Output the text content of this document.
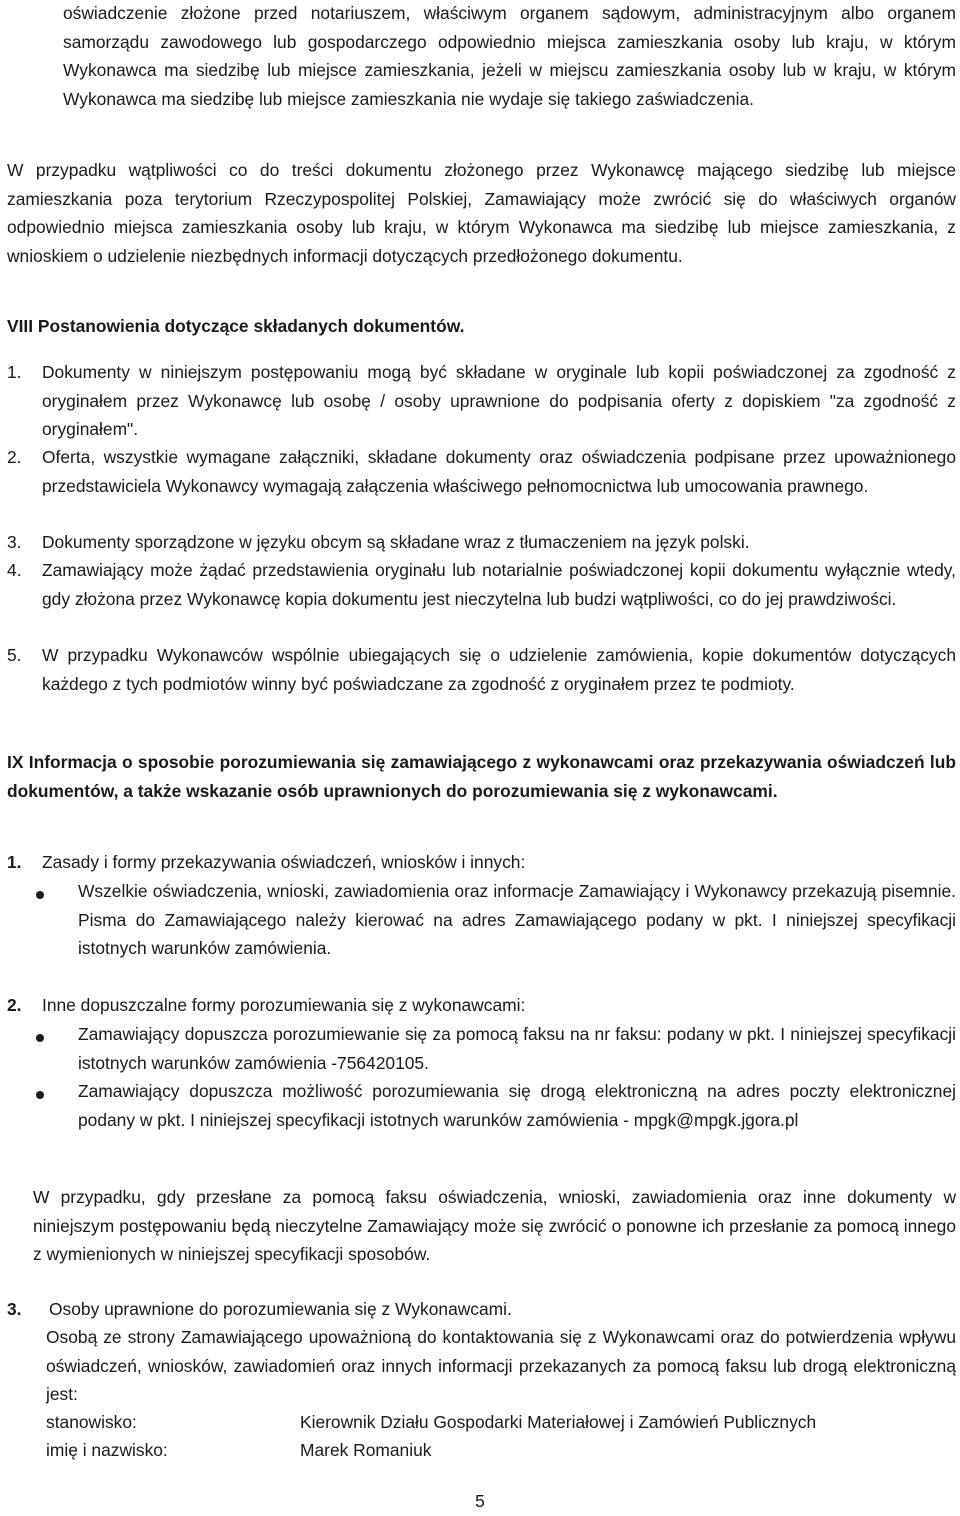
oświadczenie złożone przed notariuszem, właściwym organem sądowym, administracyjnym albo organem samorządu zawodowego lub gospodarczego odpowiednio miejsca zamieszkania osoby lub kraju, w którym Wykonawca ma siedzibę lub miejsce zamieszkania, jeżeli w miejscu zamieszkania osoby lub w kraju, w którym Wykonawca ma siedzibę lub miejsce zamieszkania nie wydaje się takiego zaświadczenia.

W przypadku wątpliwości co do treści dokumentu złożonego przez Wykonawcę mającego siedzibę lub miejsce zamieszkania poza terytorium Rzeczypospolitej Polskiej, Zamawiający może zwrócić się do właściwych organów odpowiednio miejsca zamieszkania osoby lub kraju, w którym Wykonawca ma siedzibę lub miejsce zamieszkania, z wnioskiem o udzielenie niezbędnych informacji dotyczących przedłożonego dokumentu.

VIII Postanowienia dotyczące składanych dokumentów.

1. Dokumenty w niniejszym postępowaniu mogą być składane w oryginale lub kopii poświadczonej za zgodność z oryginałem przez Wykonawcę lub osobę / osoby uprawnione do podpisania oferty z dopiskiem "za zgodność z oryginałem".

2. Oferta, wszystkie wymagane załączniki, składane dokumenty oraz oświadczenia podpisane przez upoważnionego przedstawiciela Wykonawcy wymagają załączenia właściwego pełnomocnictwa lub umocowania prawnego.

3. Dokumenty sporządzone w języku obcym są składane wraz z tłumaczeniem na język polski.

4. Zamawiający może żądać przedstawienia oryginału lub notarialnie poświadczonej kopii dokumentu wyłącznie wtedy, gdy złożona przez Wykonawcę kopia dokumentu jest nieczytelna lub budzi wątpliwości, co do jej prawdziwości.

5. W przypadku Wykonawców wspólnie ubiegających się o udzielenie zamówienia, kopie dokumentów dotyczących każdego z tych podmiotów winny być poświadczane za zgodność z oryginałem przez te podmioty.

IX Informacja o sposobie porozumiewania się zamawiającego z wykonawcami oraz przekazywania oświadczeń lub dokumentów, a także wskazanie osób uprawnionych do porozumiewania się z wykonawcami.

1. Zasady i formy przekazywania oświadczeń, wniosków i innych:

Wszelkie oświadczenia, wnioski, zawiadomienia oraz informacje Zamawiający i Wykonawcy przekazują pisemnie. Pisma do Zamawiającego należy kierować na adres Zamawiającego podany w pkt. I niniejszej specyfikacji istotnych warunków zamówienia.

2. Inne dopuszczalne formy porozumiewania się z wykonawcami:

Zamawiający dopuszcza porozumiewanie się za pomocą faksu na nr faksu: podany w pkt. I niniejszej specyfikacji istotnych warunków zamówienia -756420105.

Zamawiający dopuszcza możliwość porozumiewania się drogą elektroniczną na adres poczty elektronicznej podany w pkt. I niniejszej specyfikacji istotnych warunków zamówienia - mpgk@mpgk.jgora.pl

W przypadku, gdy przesłane za pomocą faksu oświadczenia, wnioski, zawiadomienia oraz inne dokumenty w niniejszym postępowaniu będą nieczytelne Zamawiający może się zwrócić o ponowne ich przesłanie za pomocą innego z wymienionych w niniejszej specyfikacji sposobów.

3. Osoby uprawnione do porozumiewania się z Wykonawcami.

Osobą ze strony Zamawiającego upoważnioną do kontaktowania się z Wykonawcami oraz do potwierdzenia wpływu oświadczeń, wniosków, zawiadomień oraz innych informacji przekazanych za pomocą faksu lub drogą elektroniczną jest:

stanowisko:	Kierownik Działu Gospodarki Materiałowej i Zamówień Publicznych
imię i nazwisko:	Marek Romaniuk
5
